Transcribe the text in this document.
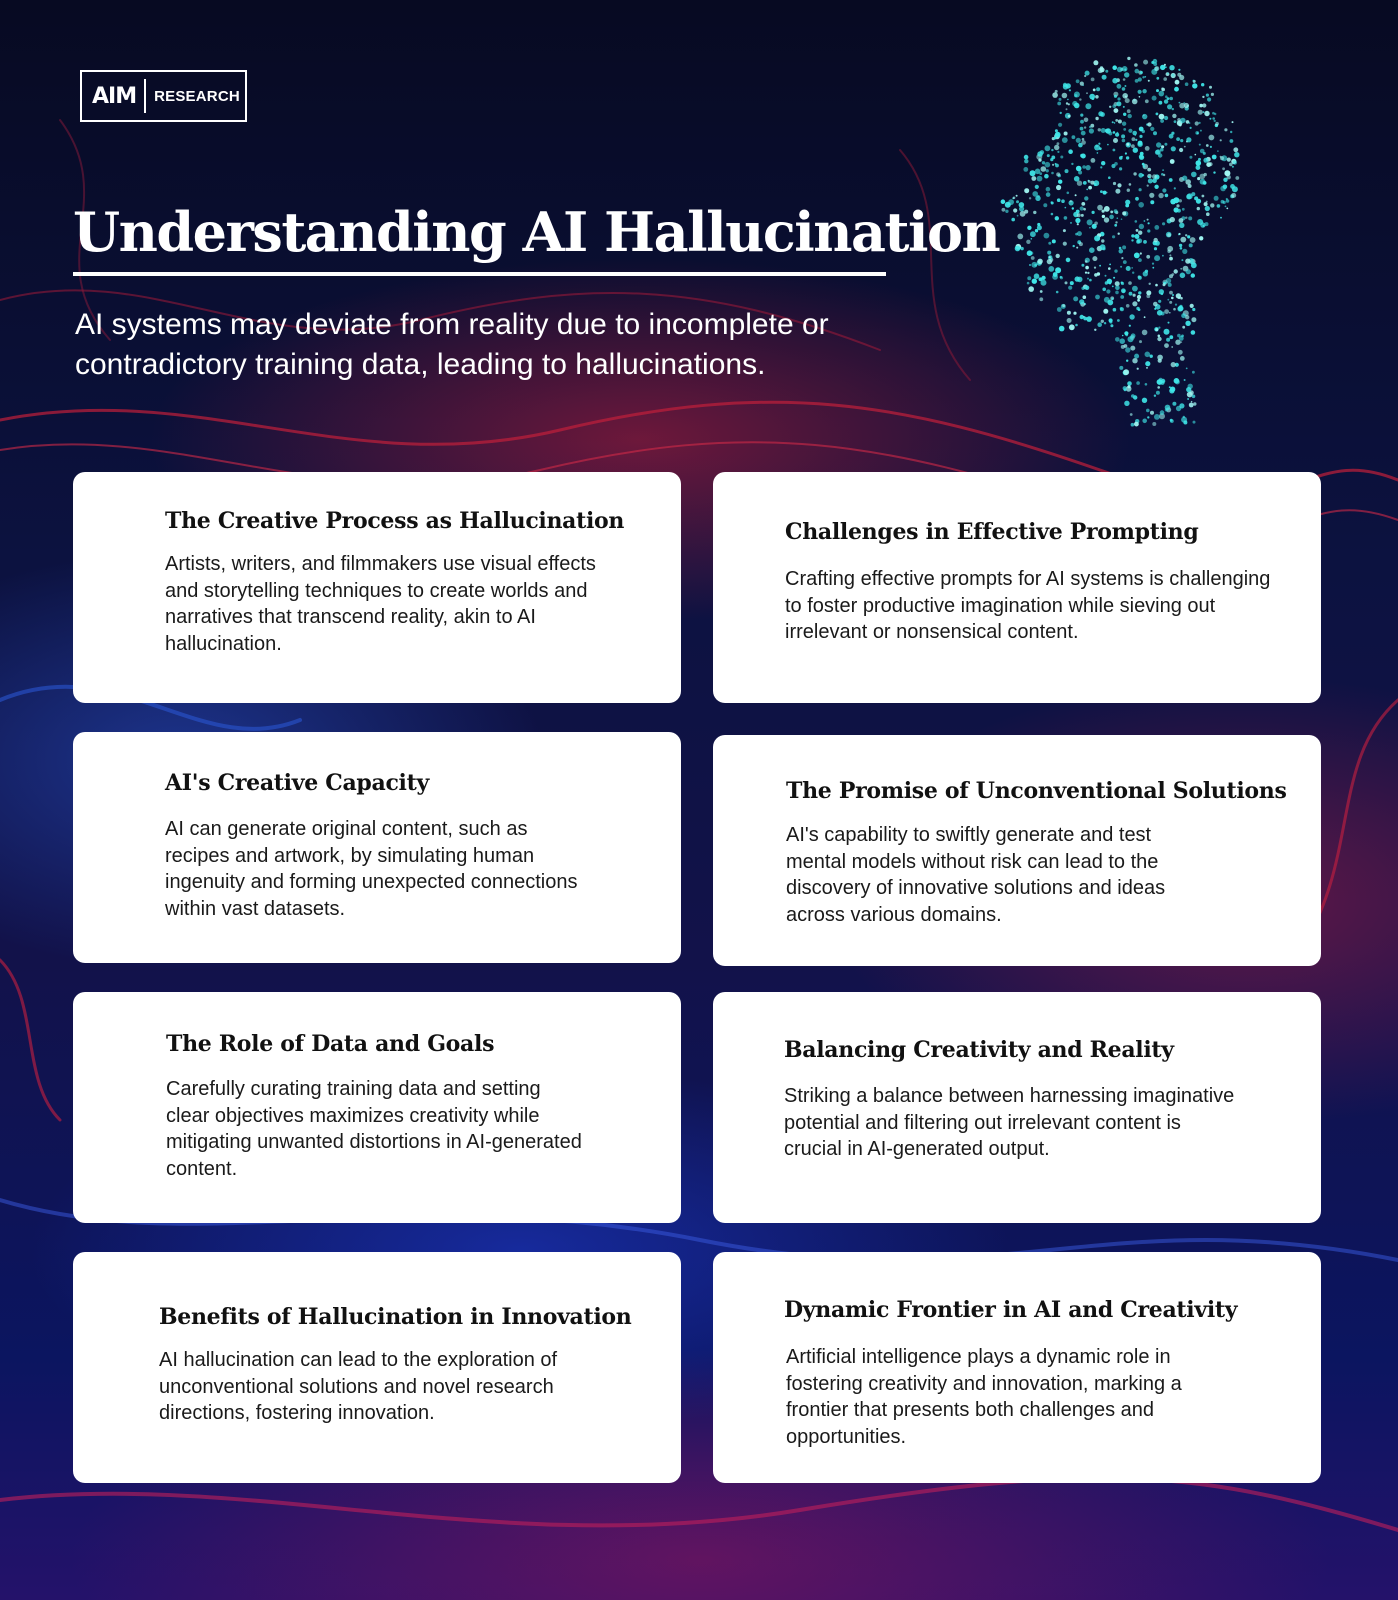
AIM	RESEARCH
Understanding AI Hallucination

AI systems may deviate from reality due to incomplete or contradictory training data, leading to hallucinations.

The Creative Process as Hallucination

Artists, writers, and filmmakers use visual effects and storytelling techniques to create worlds and narratives that transcend reality, akin to AI hallucination.

Challenges in Effective Prompting

Crafting effective prompts for AI systems is challenging to foster productive imagination while sieving out irrelevant or nonsensical content.

AI's Creative Capacity

AI can generate original content, such as recipes and artwork, by simulating human ingenuity and forming unexpected connections within vast datasets.

The Promise of Unconventional Solutions

AI's capability to swiftly generate and test mental models without risk can lead to the discovery of innovative solutions and ideas across various domains.

The Role of Data and Goals

Carefully curating training data and setting clear objectives maximizes creativity while mitigating unwanted distortions in AI-generated content.

Balancing Creativity and Reality

Striking a balance between harnessing imaginative potential and filtering out irrelevant content is crucial in AI-generated output.

Benefits of Hallucination in Innovation

AI hallucination can lead to the exploration of unconventional solutions and novel research directions, fostering innovation.

Dynamic Frontier in AI and Creativity

Artificial intelligence plays a dynamic role in fostering creativity and innovation, marking a frontier that presents both challenges and opportunities.
